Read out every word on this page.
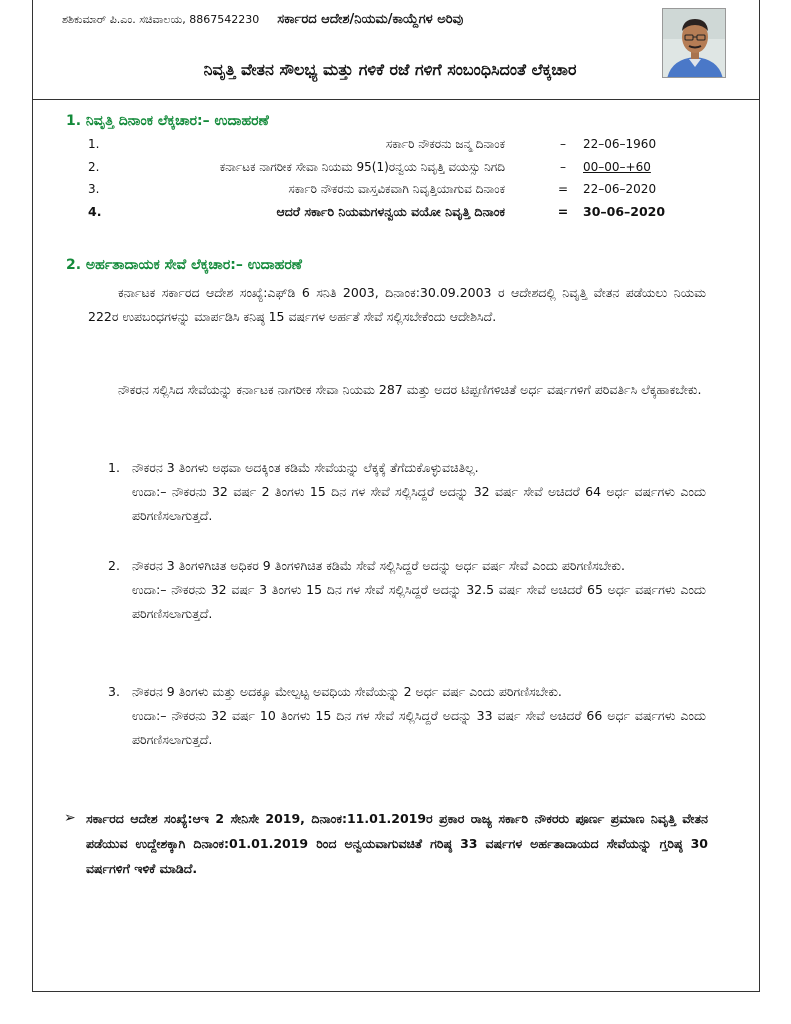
ಶಶಿಕುಮಾರ್ ಪಿ.ಎಂ. ಸಚಿವಾಲಯ, 8867542230 ಸರ್ಕಾರದ ಆದೇಶ/ನಿಯಮ/ಕಾಯ್ದೆಗಳ ಅರಿವು
ನಿವೃತ್ತಿ ವೇತನ ಸೌಲಭ್ಯ ಮತ್ತು ಗಳಿಕೆ ರಜೆ ಗಳಿಗೆ ಸಂಬಂಧಿಸಿದಂತೆ ಲೆಕ್ಕಚಾರ
1. ನಿವೃತ್ತಿ ದಿನಾಂಕ ಲೆಕ್ಕಚಾರ:– ಉದಾಹರಣೆ
1.	ಸರ್ಕಾರಿ ನೌಕರನು ಜನ್ಮ ದಿನಾಂಕ	–	22–06–1960
2.	ಕರ್ನಾಟಕ ನಾಗರೀಕ ಸೇವಾ ನಿಯಮ 95(1)ರನ್ವಯ ನಿವೃತ್ತಿ ವಯಸ್ಸು ನಿಗದಿ	–	00–00–+60
3.	ಸರ್ಕಾರಿ ನೌಕರನು ವಾಸ್ತವಿಕವಾಗಿ ನಿವೃತ್ತಿಯಾಗುವ ದಿನಾಂಕ	= 22–06–2020
4.	ಆದರೆ ಸರ್ಕಾರಿ ನಿಯಮಗಳನ್ವಯ ವಯೋ ನಿವೃತ್ತಿ ದಿನಾಂಕ	= 30–06–2020
2. ಅರ್ಹತಾದಾಯಕ ಸೇವೆ ಲೆಕ್ಕಚಾರ:– ಉದಾಹರಣೆ

ಕರ್ನಾಟಕ ಸರ್ಕಾರದ ಆದೇಶ ಸಂಖ್ಯೆ:ಎಫ್‌ಡಿ 6 ಸನಿತಿ 2003, ದಿನಾಂಕ:30.09.2003 ರ ಆದೇಶದಲ್ಲಿ ನಿವೃತ್ತಿ ವೇತನ ಪಡೆಯಲು ನಿಯಮ 222ರ ಉಪಬಂಧಗಳನ್ನು ಮಾರ್ಪಡಿಸಿ ಕನಿಷ್ಠ 15 ವರ್ಷಗಳ ಅರ್ಹತೆ ಸೇವೆ ಸಲ್ಲಿಸಬೇಕೆಂದು ಆದೇಶಿಸಿದೆ.

ನೌಕರನ ಸಲ್ಲಿಸಿದ ಸೇವೆಯನ್ನು ಕರ್ನಾಟಕ ನಾಗರೀಕ ಸೇವಾ ನಿಯಮ 287 ಮತ್ತು ಅದರ ಟಿಪ್ಪಣಿಗಳಿಚಿತೆ ಅರ್ಧ ವರ್ಷಗಳಿಗೆ ಪರಿವರ್ತಿಸಿ ಲೆಕ್ಕಹಾಕಬೇಕು.

1. ನೌಕರನ 3 ತಿಂಗಳು ಅಥವಾ ಅದಕ್ಕಿಂತ ಕಡಿಮೆ ಸೇವೆಯನ್ನು ಲೆಕ್ಕಕ್ಕೆ ತೆಗೆದುಕೊಳ್ಳುವಚಿತಿಲ್ಲ.

ಉದಾ:– ನೌಕರನು 32 ವರ್ಷ 2 ತಿಂಗಳು 15 ದಿನ ಗಳ ಸೇವೆ ಸಲ್ಲಿಸಿದ್ದರೆ ಅದನ್ನು 32 ವರ್ಷ ಸೇವೆ ಅಚಿದರೆ 64 ಅರ್ಧ ವರ್ಷಗಳು ಎಂದು ಪರಿಗಣಿಸಲಾಗುತ್ತದೆ.

2. ನೌಕರನ 3 ತಿಂಗಳಿಗಿಚಿತ ಅಧಿಕರ 9 ತಿಂಗಳಿಗಿಚಿತ ಕಡಿಮೆ ಸೇವೆ ಸಲ್ಲಿಸಿದ್ದರೆ ಅದನ್ನು ಅರ್ಧ ವರ್ಷ ಸೇವೆ ಎಂದು ಪರಿಗಣಿಸಬೇಕು.

ಉದಾ:– ನೌಕರನು 32 ವರ್ಷ 3 ತಿಂಗಳು 15 ದಿನ ಗಳ ಸೇವೆ ಸಲ್ಲಿಸಿದ್ದರೆ ಅದನ್ನು 32.5 ವರ್ಷ ಸೇವೆ ಅಚಿದರೆ 65 ಅರ್ಧ ವರ್ಷಗಳು ಎಂದು ಪರಿಗಣಿಸಲಾಗುತ್ತದೆ.

3. ನೌಕರನ 9 ತಿಂಗಳು ಮತ್ತು ಅದಕ್ಕೂ ಮೇಲ್ಪಟ್ಟ ಅವಧಿಯ ಸೇವೆಯನ್ನು 2 ಅರ್ಧ ವರ್ಷ ಎಂದು ಪರಿಗಣಿಸಬೇಕು.

ಉದಾ:– ನೌಕರನು 32 ವರ್ಷ 10 ತಿಂಗಳು 15 ದಿನ ಗಳ ಸೇವೆ ಸಲ್ಲಿಸಿದ್ದರೆ ಅದನ್ನು 33 ವರ್ಷ ಸೇವೆ ಅಚಿದರೆ 66 ಅರ್ಧ ವರ್ಷಗಳು ಎಂದು ಪರಿಗಣಿಸಲಾಗುತ್ತದೆ.

➢ ಸರ್ಕಾರದ ಆದೇಶ ಸಂಖ್ಯೆ:ಆಇ 2 ಸೇನಿಸೇ 2019, ದಿನಾಂಕ:11.01.2019ರ ಪ್ರಕಾರ ರಾಜ್ಯ ಸರ್ಕಾರಿ ನೌಕರರು ಪೂರ್ಣ ಪ್ರಮಾಣ ನಿವೃತ್ತಿ ವೇತನ ಪಡೆಯುವ ಉದ್ದೇಶಕ್ಕಾಗಿ ದಿನಾಂಕ:01.01.2019 ರಿಂದ ಅನ್ವಯವಾಗುವಚಿತೆ ಗರಿಷ್ಠ 33 ವರ್ಷಗಳ ಅರ್ಹತಾದಾಯದ ಸೇವೆಯನ್ನು ಗ್ತರಿಷ್ಠ 30 ವರ್ಷಗಳಿಗೆ ಇಳಿಕೆ ಮಾಡಿದೆ.
